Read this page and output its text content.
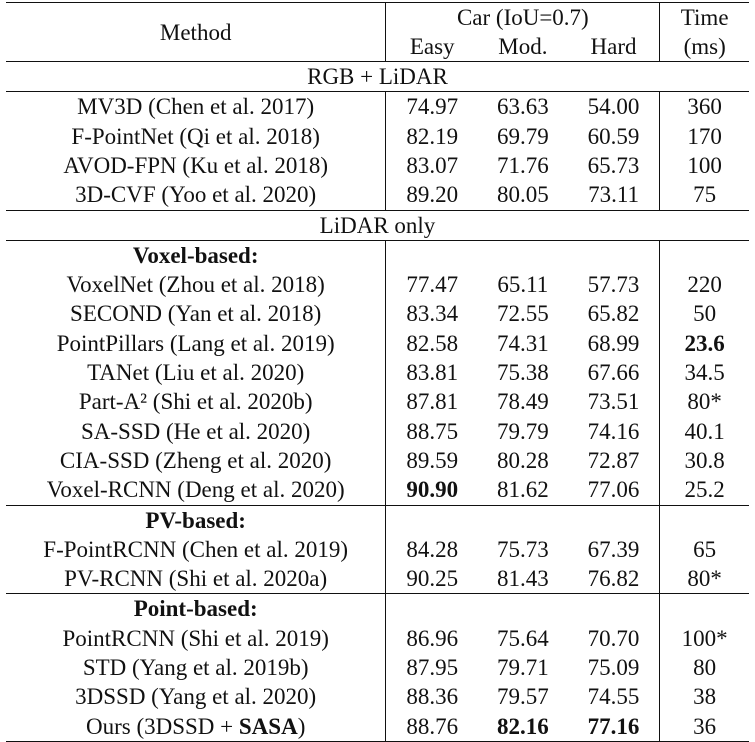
Method	Car (IoU=0.7)			Time
	Easy	Mod.	Hard	(ms)
RGB + LiDAR				
MV3D (Chen et al. 2017)	74.97	63.63	54.00	360
F-PointNet (Qi et al. 2018)	82.19	69.79	60.59	170
AVOD-FPN (Ku et al. 2018)	83.07	71.76	65.73	100
3D-CVF (Yoo et al. 2020)	89.20	80.05	73.11	75
LiDAR only				
Voxel-based:				
VoxelNet (Zhou et al. 2018)	77.47	65.11	57.73	220
SECOND (Yan et al. 2018)	83.34	72.55	65.82	50
PointPillars (Lang et al. 2019)	82.58	74.31	68.99	23.6
TANet (Liu et al. 2020)	83.81	75.38	67.66	34.5
Part-A² (Shi et al. 2020b)	87.81	78.49	73.51	80*
SA-SSD (He et al. 2020)	88.75	79.79	74.16	40.1
CIA-SSD (Zheng et al. 2020)	89.59	80.28	72.87	30.8
Voxel-RCNN (Deng et al. 2020)	90.90	81.62	77.06	25.2
PV-based:				
F-PointRCNN (Chen et al. 2019)	84.28	75.73	67.39	65
PV-RCNN (Shi et al. 2020a)	90.25	81.43	76.82	80*
Point-based:				
PointRCNN (Shi et al. 2019)	86.96	75.64	70.70	100*
STD (Yang et al. 2019b)	87.95	79.71	75.09	80
3DSSD (Yang et al. 2020)	88.36	79.57	74.55	38
Ours (3DSSD + SASA)	88.76	82.16	77.16	36
